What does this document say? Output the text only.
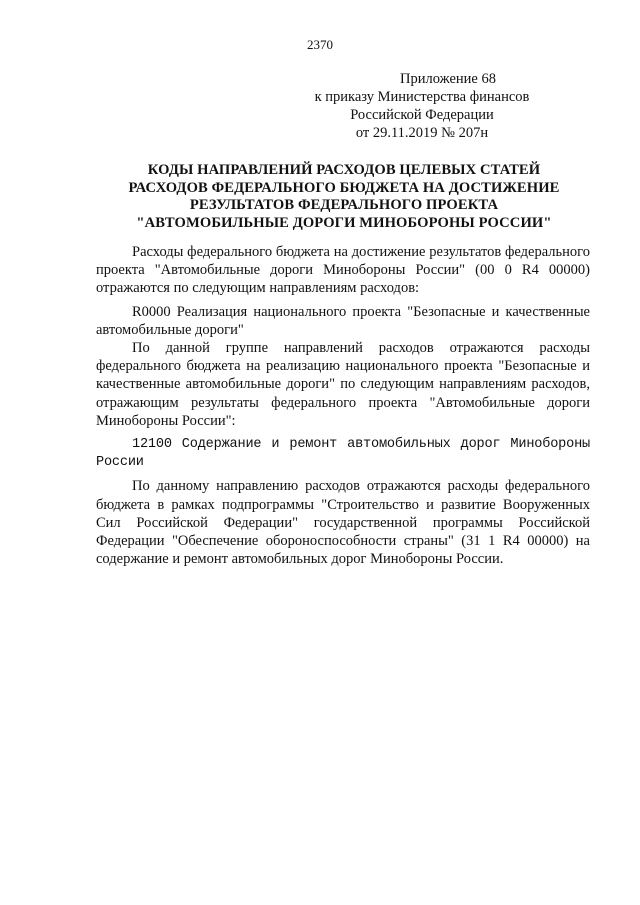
2370
Приложение 68
к приказу Министерства финансов
Российской Федерации
от 29.11.2019 № 207н
КОДЫ НАПРАВЛЕНИЙ РАСХОДОВ ЦЕЛЕВЫХ СТАТЕЙ
РАСХОДОВ ФЕДЕРАЛЬНОГО БЮДЖЕТА НА ДОСТИЖЕНИЕ
РЕЗУЛЬТАТОВ ФЕДЕРАЛЬНОГО ПРОЕКТА
"АВТОМОБИЛЬНЫЕ ДОРОГИ МИНОБОРОНЫ РОССИИ"

Расходы федерального бюджета на достижение результатов федерального проекта "Автомобильные дороги Минобороны России" (00 0 R4 00000) отражаются по следующим направлениям расходов:

R0000 Реализация национального проекта "Безопасные и качественные автомобильные дороги"

По данной группе направлений расходов отражаются расходы федерального бюджета на реализацию национального проекта "Безопасные и качественные автомобильные дороги" по следующим направлениям расходов, отражающим результаты федерального проекта "Автомобильные дороги Минобороны России":

12100 Содержание и ремонт автомобильных дорог Минобороны России

По данному направлению расходов отражаются расходы федерального бюджета в рамках подпрограммы "Строительство и развитие Вооруженных Сил Российской Федерации" государственной программы Российской Федерации "Обеспечение обороноспособности страны" (31 1 R4 00000) на содержание и ремонт автомобильных дорог Минобороны России.
